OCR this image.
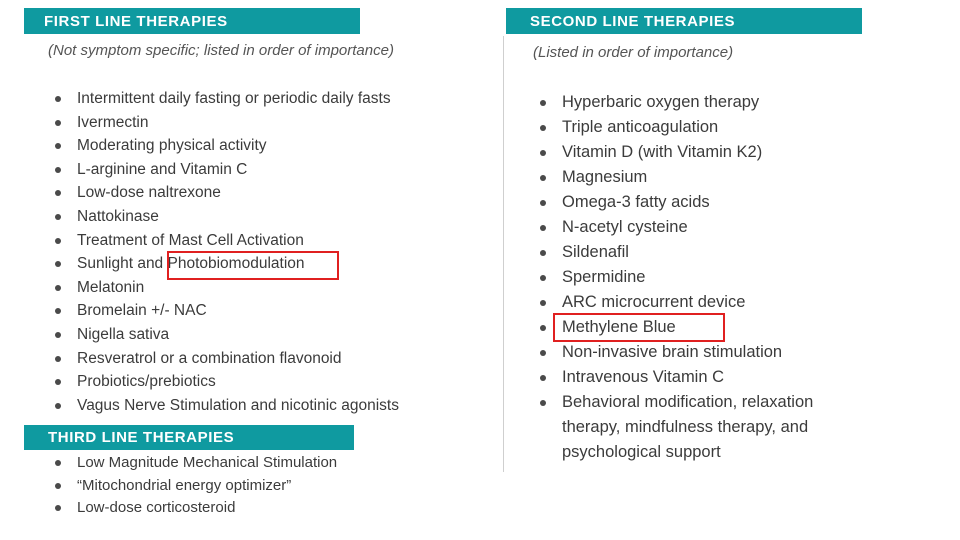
FIRST LINE THERAPIES
(Not symptom specific; listed in order of importance)
Intermittent daily fasting or periodic daily fasts
Ivermectin
Moderating physical activity
L-arginine and Vitamin C
Low-dose naltrexone
Nattokinase
Treatment of Mast Cell Activation
Sunlight and Photobiomodulation
Melatonin
Bromelain +/- NAC
Nigella sativa
Resveratrol or a combination flavonoid
Probiotics/prebiotics
Vagus Nerve Stimulation and nicotinic agonists
THIRD LINE THERAPIES
Low Magnitude Mechanical Stimulation
“Mitochondrial energy optimizer”
Low-dose corticosteroid
SECOND LINE THERAPIES
(Listed in order of importance)
Hyperbaric oxygen therapy
Triple anticoagulation
Vitamin D (with Vitamin K2)
Magnesium
Omega-3 fatty acids
N-acetyl cysteine
Sildenafil
Spermidine
ARC microcurrent device
Methylene Blue
Non-invasive brain stimulation
Intravenous Vitamin C
Behavioral modification, relaxation therapy, mindfulness therapy, and psychological support
